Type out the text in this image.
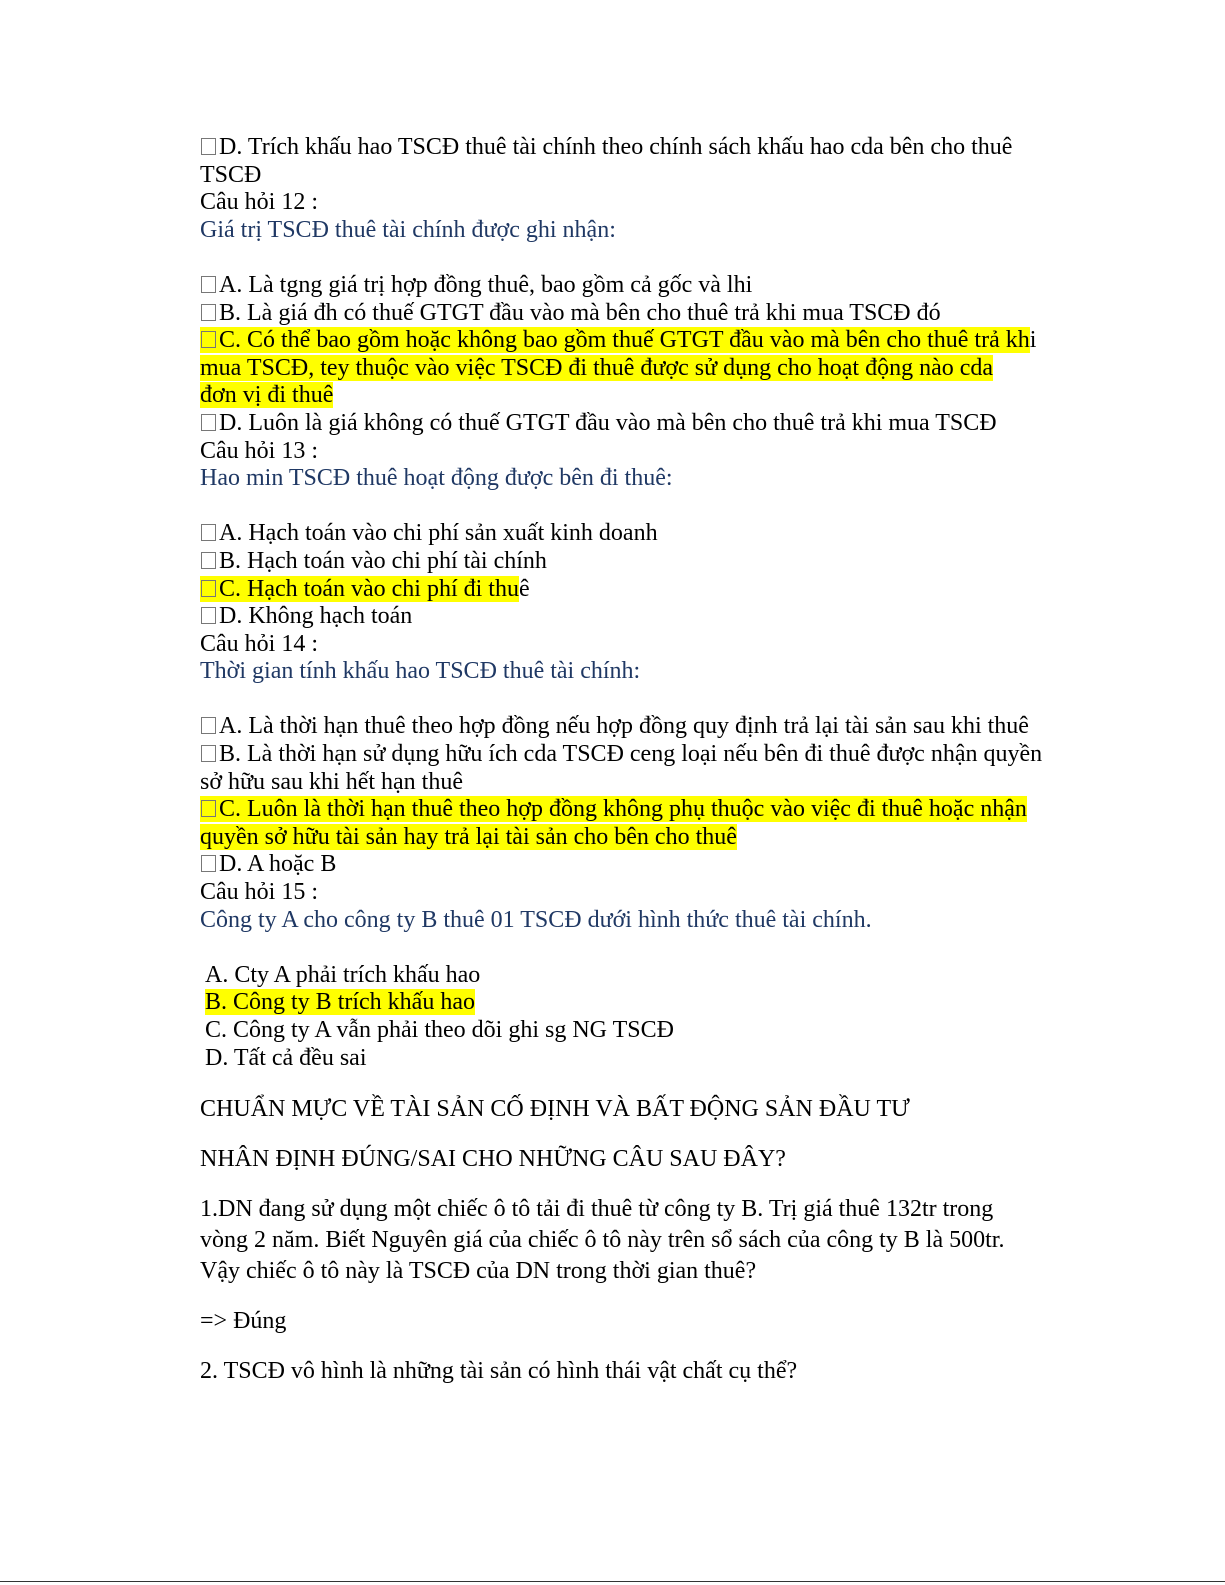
D. Trích khấu hao TSCĐ thuê tài chính theo chính sách khấu hao cda bên cho thuê
TSCĐ
Câu hỏi 12 :
Giá trị TSCĐ thuê tài chính được ghi nhận:
A. Là tgng giá trị hợp đồng thuê, bao gồm cả gốc và lhi
B. Là giá đh có thuế GTGT đầu vào mà bên cho thuê trả khi mua TSCĐ đó
C. Có thể bao gồm hoặc không bao gồm thuế GTGT đầu vào mà bên cho thuê trả khi
mua TSCĐ, tey thuộc vào việc TSCĐ đi thuê được sử dụng cho hoạt động nào cda
đơn vị đi thuê
D. Luôn là giá không có thuế GTGT đầu vào mà bên cho thuê trả khi mua TSCĐ
Câu hỏi 13 :
Hao min TSCĐ thuê hoạt động được bên đi thuê:
A. Hạch toán vào chi phí sản xuất kinh doanh
B. Hạch toán vào chi phí tài chính
C. Hạch toán vào chi phí đi thuê
D. Không hạch toán
Câu hỏi 14 :
Thời gian tính khấu hao TSCĐ thuê tài chính:
A. Là thời hạn thuê theo hợp đồng nếu hợp đồng quy định trả lại tài sản sau khi thuê
B. Là thời hạn sử dụng hữu ích cda TSCĐ ceng loại nếu bên đi thuê được nhận quyền
sở hữu sau khi hết hạn thuê
C. Luôn là thời hạn thuê theo hợp đồng không phụ thuộc vào việc đi thuê hoặc nhận
quyền sở hữu tài sản hay trả lại tài sản cho bên cho thuê
D. A hoặc B
Câu hỏi 15 :
Công ty A cho công ty B thuê 01 TSCĐ dưới hình thức thuê tài chính.
A. Cty A phải trích khấu hao
B. Công ty B trích khấu hao
C. Công ty A vẫn phải theo dõi ghi sg NG TSCĐ
D. Tất cả đều sai
CHUẨN MỰC VỀ TÀI SẢN CỐ ĐỊNH VÀ BẤT ĐỘNG SẢN ĐẦU TƯ
NHÂN ĐỊNH ĐÚNG/SAI CHO NHỮNG CÂU SAU ĐÂY?
1.DN đang sử dụng một chiếc ô tô tải đi thuê từ công ty B. Trị giá thuê 132tr trong
vòng 2 năm. Biết Nguyên giá của chiếc ô tô này trên sổ sách của công ty B là 500tr.
Vậy chiếc ô tô này là TSCĐ của DN trong thời gian thuê?
=> Đúng
2. TSCĐ vô hình là những tài sản có hình thái vật chất cụ thể?
